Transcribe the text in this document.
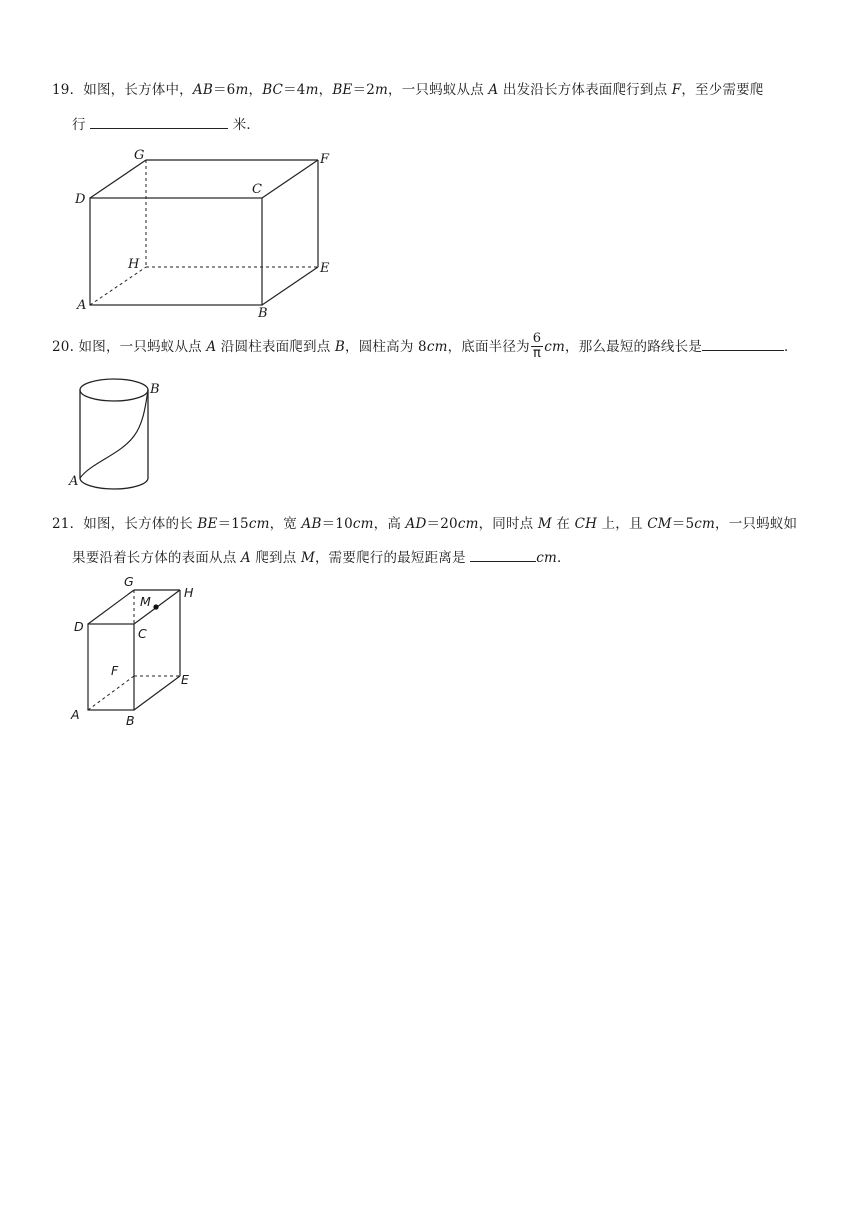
19．如图，长方体中，AB＝6m，BC＝4m，BE＝2m，一只蚂蚁从点 A 出发沿长方体表面爬行到点 F，至少需要爬
行	米．
G	F
D
C
H	E
A
B
20. 如图，一只蚂蚁从点 A 沿圆柱表面爬到点 B，圆柱高为 8cm，底面半径为 $\frac{6}{\pi}$ cm，那么最短的路线长是	．
B
A
21．如图，长方体的长 BE＝15cm，宽 AB＝10cm，高 AD＝20cm，同时点 M 在 CH 上，且 CM＝5cm，一只蚂蚁如
果要沿着长方体的表面从点 A 爬到点 M，需要爬行的最短距离是	cm．
G
M
H
D	C
F
E
A	B
